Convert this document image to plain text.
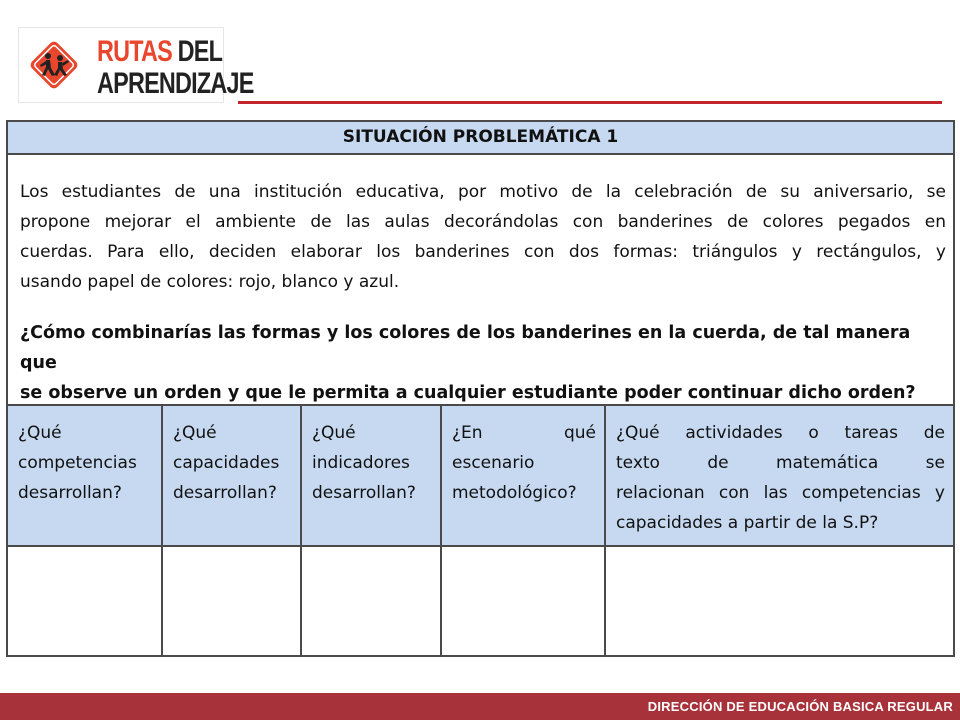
RUTAS DEL
APRENDIZAJE
SITUACIÓN PROBLEMÁTICA 1
Los estudiantes de una institución educativa, por motivo de la celebración de su aniversario, se
propone mejorar el ambiente de las aulas decorándolas con banderines de colores pegados en
cuerdas. Para ello, deciden elaborar los banderines con dos formas: triángulos y rectángulos, y
usando papel de colores: rojo, blanco y azul.
¿Cómo combinarías las formas y los colores de los banderines en la cuerda, de tal manera que
se observe un orden y que le permita a cualquier estudiante poder continuar dicho orden?
¿Qué
competencias
desarrollan?
¿Qué
capacidades
desarrollan?
¿Qué
indicadores
desarrollan?
¿En qué
escenario
metodológico?
¿Qué actividades o tareas de
texto de matemática se
relacionan con las competencias y
capacidades a partir de la S.P?
DIRECCIÓN DE EDUCACIÓN BASICA REGULAR
